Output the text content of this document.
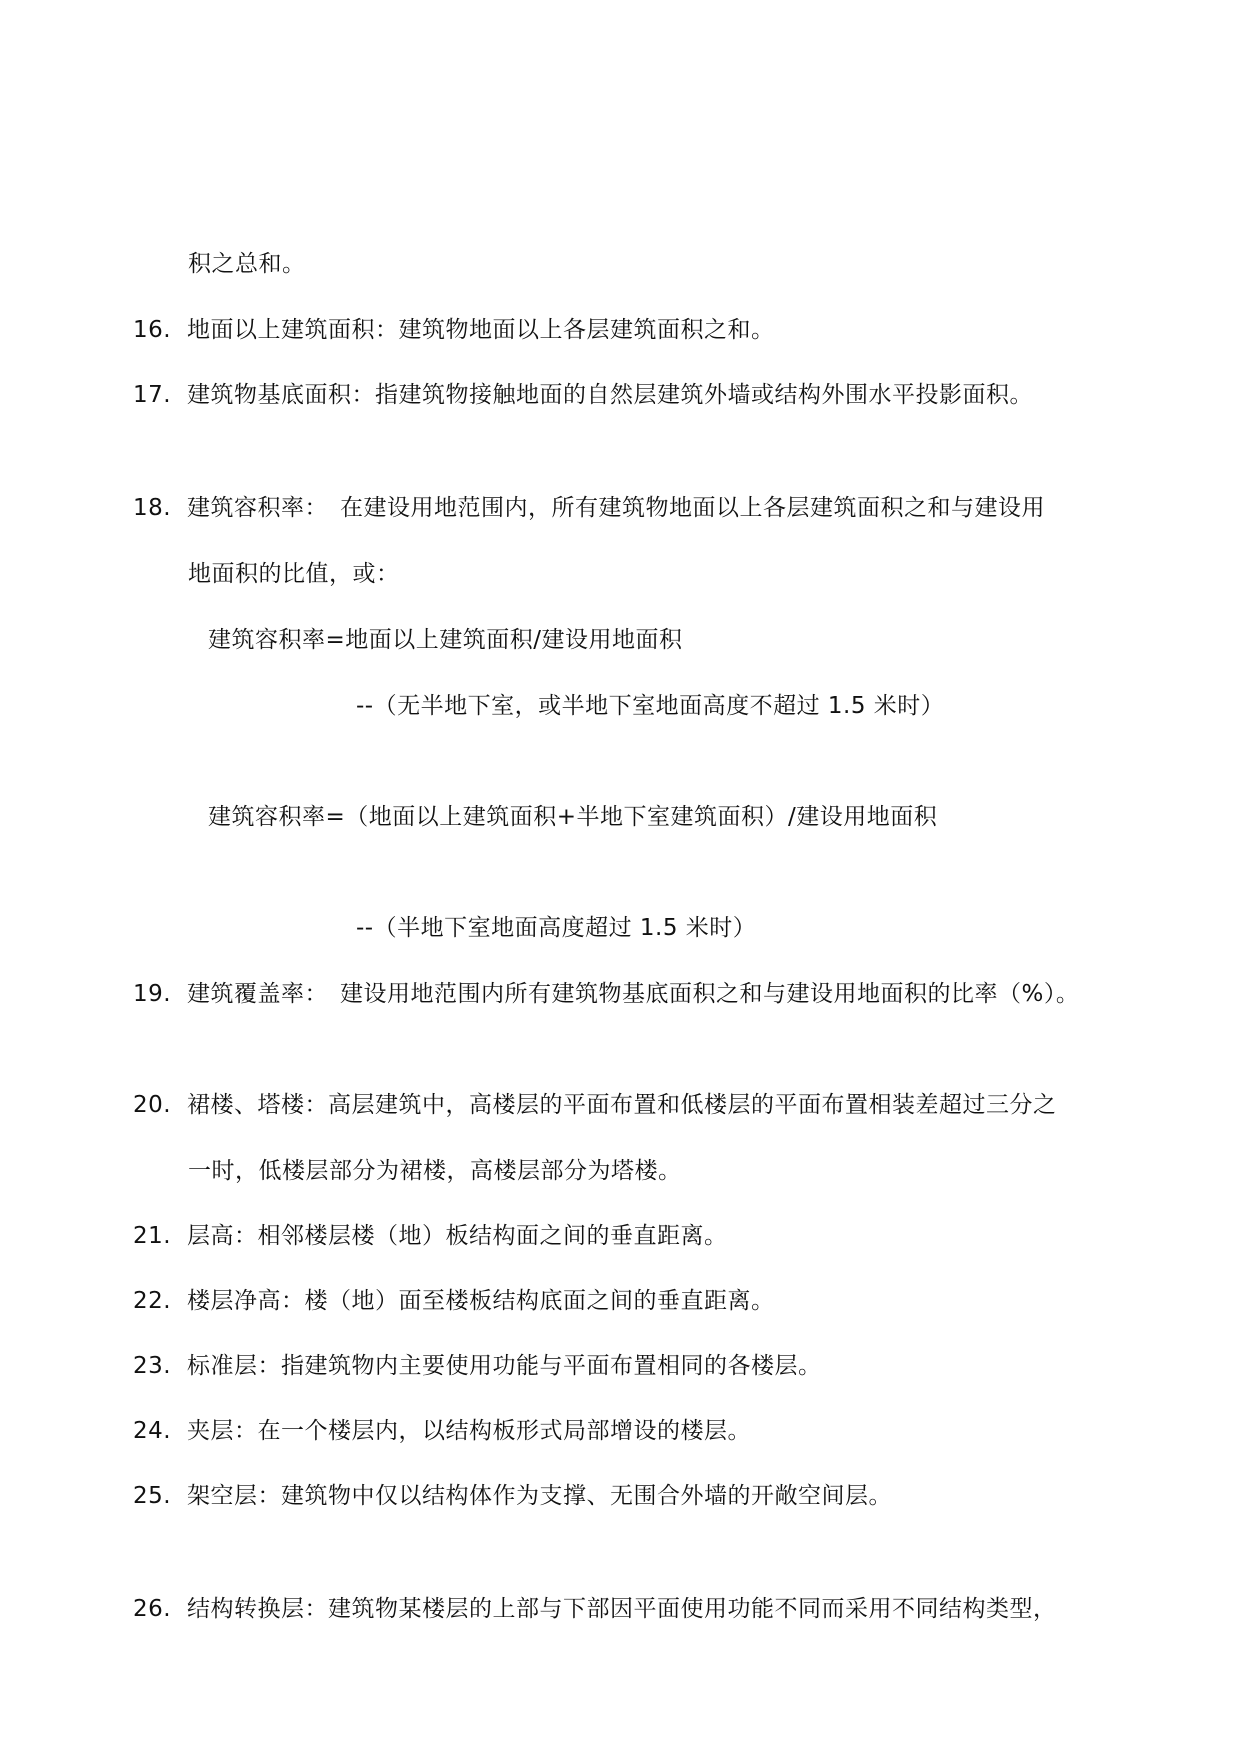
积之总和。
16. 地面以上建筑面积：建筑物地面以上各层建筑面积之和。
17. 建筑物基底面积：指建筑物接触地面的自然层建筑外墙或结构外围水平投影面积。
18. 建筑容积率：　在建设用地范围内，所有建筑物地面以上各层建筑面积之和与建设用
地面积的比值，或：
建筑容积率=地面以上建筑面积/建设用地面积
--（无半地下室，或半地下室地面高度不超过 1.5 米时）
建筑容积率=（地面以上建筑面积+半地下室建筑面积）/建设用地面积
--（半地下室地面高度超过 1.5 米时）
19. 建筑覆盖率：　建设用地范围内所有建筑物基底面积之和与建设用地面积的比率（%）。
20. 裙楼、塔楼：高层建筑中，高楼层的平面布置和低楼层的平面布置相装差超过三分之
一时，低楼层部分为裙楼，高楼层部分为塔楼。
21. 层高：相邻楼层楼（地）板结构面之间的垂直距离。
22. 楼层净高：楼（地）面至楼板结构底面之间的垂直距离。
23. 标准层：指建筑物内主要使用功能与平面布置相同的各楼层。
24. 夹层：在一个楼层内，以结构板形式局部增设的楼层。
25. 架空层：建筑物中仅以结构体作为支撑、无围合外墙的开敞空间层。
26. 结构转换层：建筑物某楼层的上部与下部因平面使用功能不同而采用不同结构类型，
